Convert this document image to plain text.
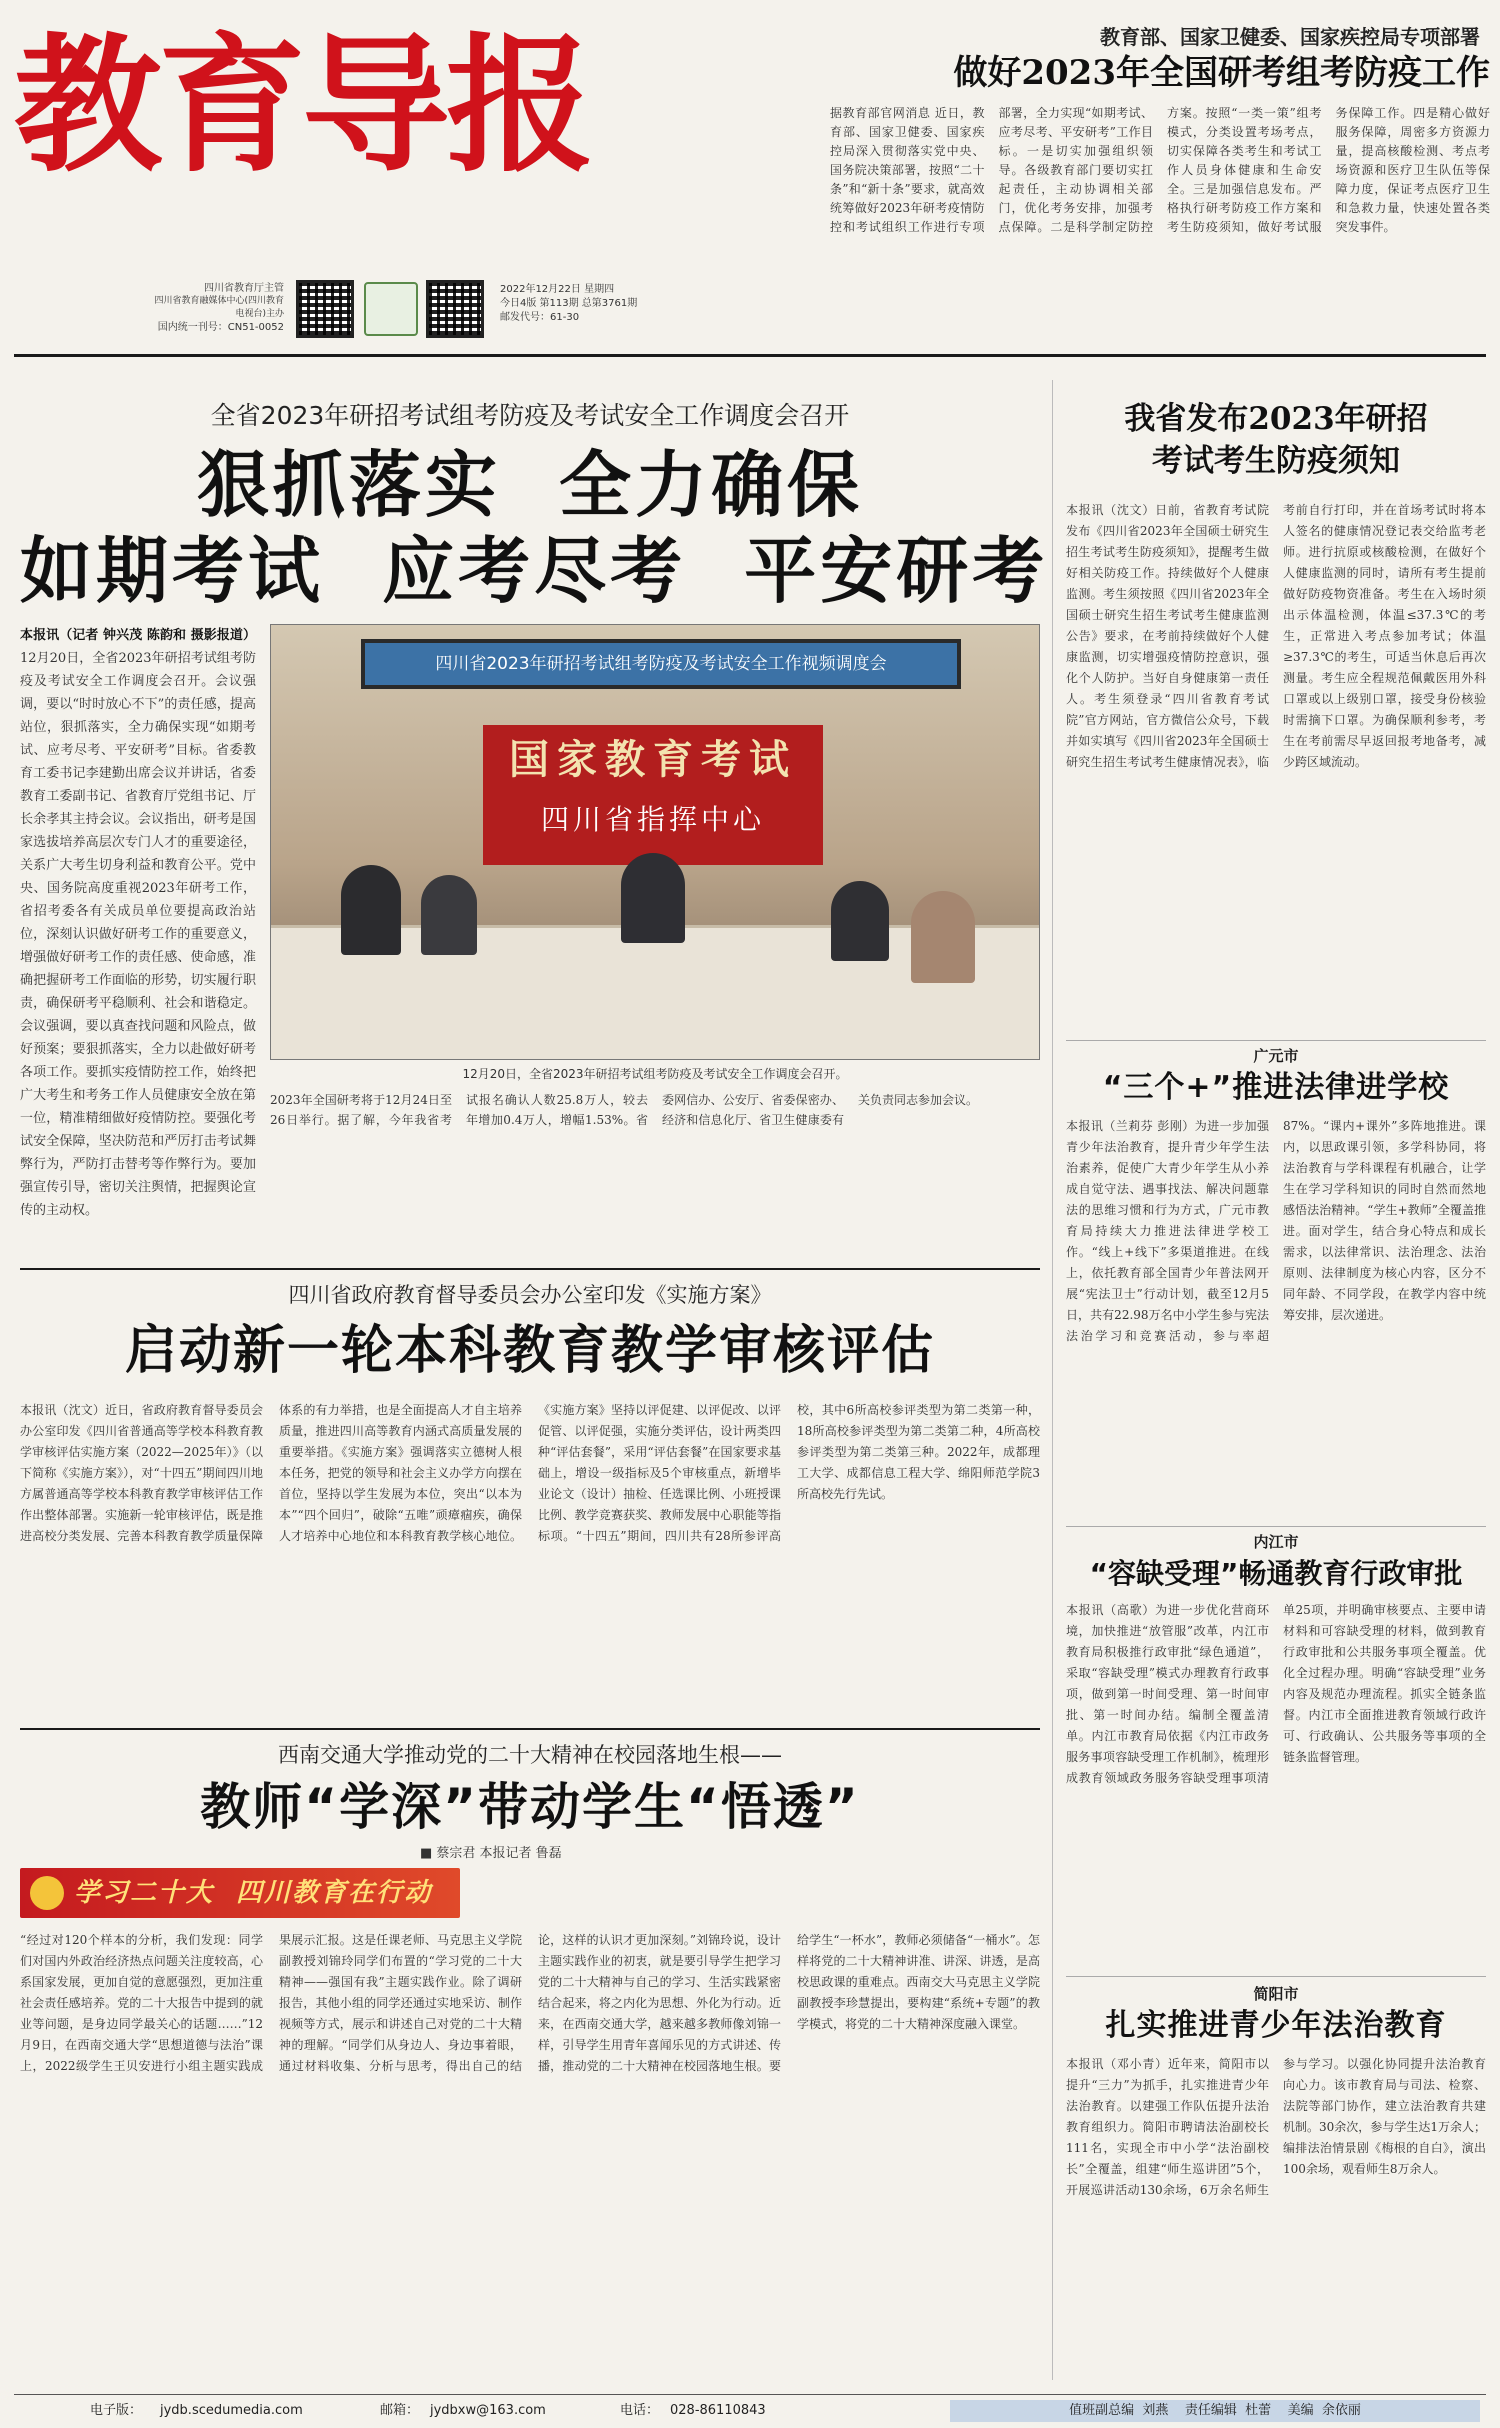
教育导报
四川省教育厅主管
四川省教育融媒体中心(四川教育电视台)主办
国内统一刊号：CN51-0052
2022年12月22日 星期四
今日4版 第113期 总第3761期
邮发代号：61-30
教育部、国家卫健委、国家疾控局专项部署
做好2023年全国研考组考防疫工作
据教育部官网消息 近日，教育部、国家卫健委、国家疾控局深入贯彻落实党中央、国务院决策部署，按照“二十条”和“新十条”要求，就高效统筹做好2023年研考疫情防控和考试组织工作进行专项部署，全力实现“如期考试、应考尽考、平安研考”工作目标。一是切实加强组织领导。各级教育部门要切实扛起责任，主动协调相关部门，优化考务安排，加强考点保障。二是科学制定防控方案。按照“一类一策”组考模式，分类设置考场考点，切实保障各类考生和考试工作人员身体健康和生命安全。三是加强信息发布。严格执行研考防疫工作方案和考生防疫须知，做好考试服务保障工作。四是精心做好服务保障，周密多方资源力量，提高核酸检测、考点考场资源和医疗卫生队伍等保障力度，保证考点医疗卫生和急救力量，快速处置各类突发事件。
全省2023年研招考试组考防疫及考试安全工作调度会召开
狠抓落实  全力确保
如期考试  应考尽考  平安研考
本报讯（记者 钟兴茂 陈韵和 摄影报道）12月20日，全省2023年研招考试组考防疫及考试安全工作调度会召开。会议强调，要以“时时放心不下”的责任感，提高站位，狠抓落实，全力确保实现“如期考试、应考尽考、平安研考”目标。省委教育工委书记李建勤出席会议并讲话，省委教育工委副书记、省教育厅党组书记、厅长余孝其主持会议。会议指出，研考是国家选拔培养高层次专门人才的重要途径，关系广大考生切身利益和教育公平。党中央、国务院高度重视2023年研考工作，省招考委各有关成员单位要提高政治站位，深刻认识做好研考工作的重要意义，增强做好研考工作的责任感、使命感，准确把握研考工作面临的形势，切实履行职责，确保研考平稳顺利、社会和谐稳定。会议强调，要以真查找问题和风险点，做好预案；要狠抓落实，全力以赴做好研考各项工作。要抓实疫情防控工作，始终把广大考生和考务工作人员健康安全放在第一位，精准精细做好疫情防控。要强化考试安全保障，坚决防范和严厉打击考试舞弊行为，严防打击替考等作弊行为。要加强宣传引导，密切关注舆情，把握舆论宣传的主动权。
四川省2023年研招考试组考防疫及考试安全工作视频调度会
国家教育考试
四川省指挥中心
12月20日，全省2023年研招考试组考防疫及考试安全工作调度会召开。
2023年全国研考将于12月24日至26日举行。据了解，今年我省考试报名确认人数25.8万人，较去年增加0.4万人，增幅1.53%。省委网信办、公安厅、省委保密办、经济和信息化厅、省卫生健康委有关负责同志参加会议。
我省发布2023年研招
考试考生防疫须知
本报讯（沈文）日前，省教育考试院发布《四川省2023年全国硕士研究生招生考试考生防疫须知》，提醒考生做好相关防疫工作。持续做好个人健康监测。考生须按照《四川省2023年全国硕士研究生招生考试考生健康监测公告》要求，在考前持续做好个人健康监测，切实增强疫情防控意识，强化个人防护。当好自身健康第一责任人。考生须登录“四川省教育考试院”官方网站，官方微信公众号，下载并如实填写《四川省2023年全国硕士研究生招生考试考生健康情况表》，临考前自行打印，并在首场考试时将本人签名的健康情况登记表交给监考老师。进行抗原或核酸检测，在做好个人健康监测的同时，请所有考生提前做好防疫物资准备。考生在入场时须出示体温检测，体温≤37.3℃的考生，正常进入考点参加考试；体温≥37.3℃的考生，可适当休息后再次测量。考生应全程规范佩戴医用外科口罩或以上级别口罩，接受身份核验时需摘下口罩。为确保顺利参考，考生在考前需尽早返回报考地备考，减少跨区域流动。
广元市
“三个+”推进法律进学校
本报讯（兰莉芬 彭刚）为进一步加强青少年法治教育，提升青少年学生法治素养，促使广大青少年学生从小养成自觉守法、遇事找法、解决问题靠法的思维习惯和行为方式，广元市教育局持续大力推进法律进学校工作。“线上+线下”多渠道推进。在线上，依托教育部全国青少年普法网开展“宪法卫士”行动计划，截至12月5日，共有22.98万名中小学生参与宪法法治学习和竞赛活动，参与率超87%。“课内+课外”多阵地推进。课内，以思政课引领，多学科协同，将法治教育与学科课程有机融合，让学生在学习学科知识的同时自然而然地感悟法治精神。“学生+教师”全覆盖推进。面对学生，结合身心特点和成长需求，以法律常识、法治理念、法治原则、法律制度为核心内容，区分不同年龄、不同学段，在教学内容中统筹安排，层次递进。
内江市
“容缺受理”畅通教育行政审批
本报讯（高歌）为进一步优化营商环境，加快推进“放管服”改革，内江市教育局积极推行政审批“绿色通道”，采取“容缺受理”模式办理教育行政事项，做到第一时间受理、第一时间审批、第一时间办结。编制全覆盖清单。内江市教育局依据《内江市政务服务事项容缺受理工作机制》，梳理形成教育领域政务服务容缺受理事项清单25项，并明确审核要点、主要申请材料和可容缺受理的材料，做到教育行政审批和公共服务事项全覆盖。优化全过程办理。明确“容缺受理”业务内容及规范办理流程。抓实全链条监督。内江市全面推进教育领域行政许可、行政确认、公共服务等事项的全链条监督管理。
简阳市
扎实推进青少年法治教育
本报讯（邓小青）近年来，简阳市以提升“三力”为抓手，扎实推进青少年法治教育。以建强工作队伍提升法治教育组织力。简阳市聘请法治副校长111名，实现全市中小学“法治副校长”全覆盖，组建“师生巡讲团”5个，开展巡讲活动130余场，6万余名师生参与学习。以强化协同提升法治教育向心力。该市教育局与司法、检察、法院等部门协作，建立法治教育共建机制。30余次，参与学生达1万余人；编排法治情景剧《梅根的自白》，演出100余场，观看师生8万余人。
四川省政府教育督导委员会办公室印发《实施方案》
启动新一轮本科教育教学审核评估
本报讯（沈文）近日，省政府教育督导委员会办公室印发《四川省普通高等学校本科教育教学审核评估实施方案（2022—2025年）》（以下简称《实施方案》），对“十四五”期间四川地方属普通高等学校本科教育教学审核评估工作作出整体部署。实施新一轮审核评估，既是推进高校分类发展、完善本科教育教学质量保障体系的有力举措，也是全面提高人才自主培养质量，推进四川高等教育内涵式高质量发展的重要举措。《实施方案》强调落实立德树人根本任务，把党的领导和社会主义办学方向摆在首位，坚持以学生发展为本位，突出“以本为本”“四个回归”，破除“五唯”顽瘴痼疾，确保人才培养中心地位和本科教育教学核心地位。《实施方案》坚持以评促建、以评促改、以评促管、以评促强，实施分类评估，设计两类四种“评估套餐”，采用“评估套餐”在国家要求基础上，增设一级指标及5个审核重点，新增毕业论文（设计）抽检、任选课比例、小班授课比例、教学竞赛获奖、教师发展中心职能等指标项。“十四五”期间，四川共有28所参评高校，其中6所高校参评类型为第二类第一种，18所高校参评类型为第二类第二种，4所高校参评类型为第二类第三种。2022年，成都理工大学、成都信息工程大学、绵阳师范学院3所高校先行先试。
西南交通大学推动党的二十大精神在校园落地生根——
教师“学深”带动学生“悟透”
■ 蔡宗君 本报记者 鲁磊
学习二十大  四川教育在行动
“经过对120个样本的分析，我们发现：同学们对国内外政治经济热点问题关注度较高，心系国家发展，更加自觉的意愿强烈，更加注重社会责任感培养。党的二十大报告中提到的就业等问题，是身边同学最关心的话题……”12月9日，在西南交通大学“思想道德与法治”课上，2022级学生王贝安进行小组主题实践成果展示汇报。这是任课老师、马克思主义学院副教授刘锦玲同学们布置的“学习党的二十大精神——强国有我”主题实践作业。除了调研报告，其他小组的同学还通过实地采访、制作视频等方式，展示和讲述自己对党的二十大精神的理解。“同学们从身边人、身边事着眼，通过材料收集、分析与思考，得出自己的结论，这样的认识才更加深刻。”刘锦玲说，设计主题实践作业的初衷，就是要引导学生把学习党的二十大精神与自己的学习、生活实践紧密结合起来，将之内化为思想、外化为行动。近来，在西南交通大学，越来越多教师像刘锦一样，引导学生用青年喜闻乐见的方式讲述、传播，推动党的二十大精神在校园落地生根。要给学生“一杯水”，教师必须储备“一桶水”。怎样将党的二十大精神讲准、讲深、讲透，是高校思政课的重难点。西南交大马克思主义学院副教授李珍慧提出，要构建“系统+专题”的教学模式，将党的二十大精神深度融入课堂。
电子版： jydb.scedumedia.com	邮箱： jydbxw@163.com	电话： 028-86110843	值班副总编  刘燕    责任编辑  杜蕾    美编  余依丽
